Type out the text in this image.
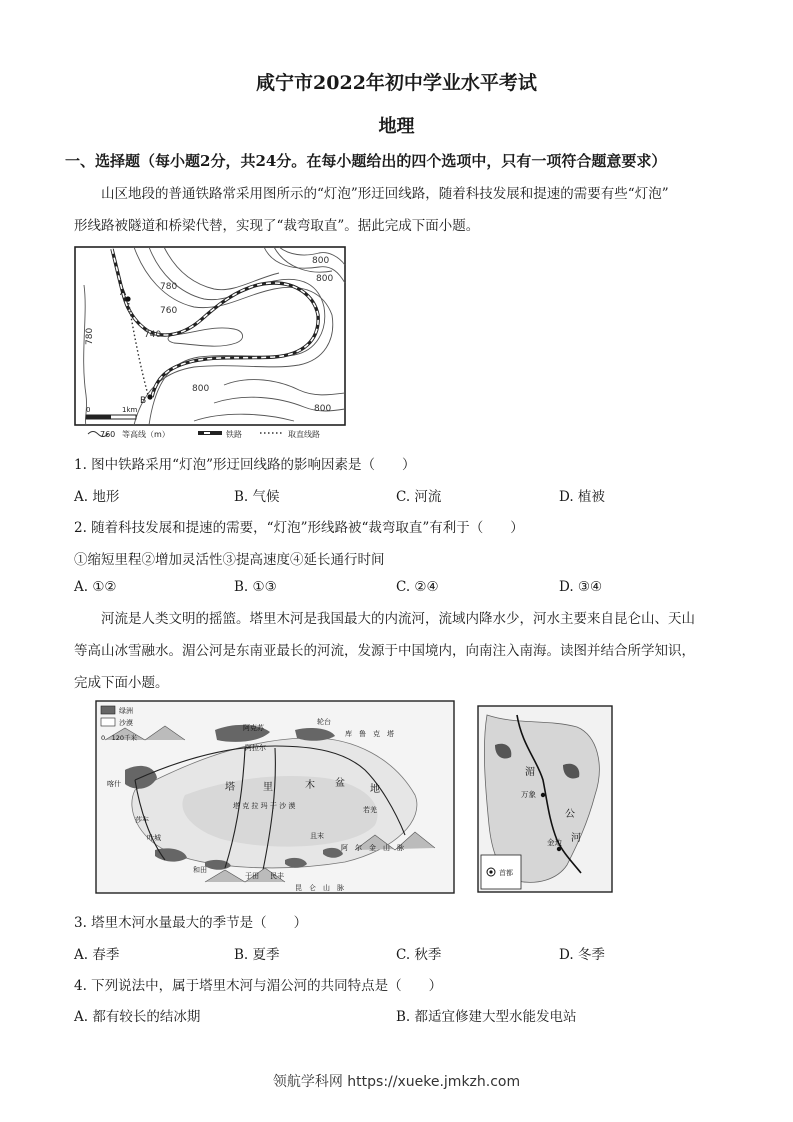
咸宁市2022年初中学业水平考试
地理
一、选择题（每小题2分，共24分。在每小题给出的四个选项中，只有一项符合题意要求）
山区地段的普通铁路常采用图所示的“灯泡”形迂回线路，随着科技发展和提速的需要有些“灯泡”
形线路被隧道和桥梁代替，实现了“裁弯取直”。据此完成下面小题。
A
B
800
800
780
760
740
780
800
800
0	1km
760 等高线（m）	铁路	取直线路
1. 图中铁路采用“灯泡”形迂回线路的影响因素是（　　）
A. 地形	B. 气候	C. 河流	D. 植被
2. 随着科技发展和提速的需要，“灯泡”形线路被“裁弯取直”有利于（　　）
①缩短里程②增加灵活性③提高速度④延长通行时间
A. ①②	B. ①③	C. ②④	D. ③④
河流是人类文明的摇篮。塔里木河是我国最大的内流河，流域内降水少，河水主要来自昆仑山、天山
等高山冰雪融水。湄公河是东南亚最长的河流，发源于中国境内，向南注入南海。读图并结合所学知识，
完成下面小题。
绿洲
沙漠
0　120千米
阿克苏
阿拉尔
轮台
库　鲁　克　塔
塔	里	木 盆
地
塔 克 拉 玛 干 沙 漠
喀什
莎车
叶城
和田
于田 民丰
且末
若羌
阿　尔　金　山　脉
昆　仑　山　脉
湄
公
河
万象
金边
首都
3. 塔里木河水量最大的季节是（　　）
A. 春季	B. 夏季	C. 秋季	D. 冬季
4. 下列说法中，属于塔里木河与湄公河的共同特点是（　　）
A. 都有较长的结冰期	B. 都适宜修建大型水能发电站
领航学科网 https://xueke.jmkzh.com
